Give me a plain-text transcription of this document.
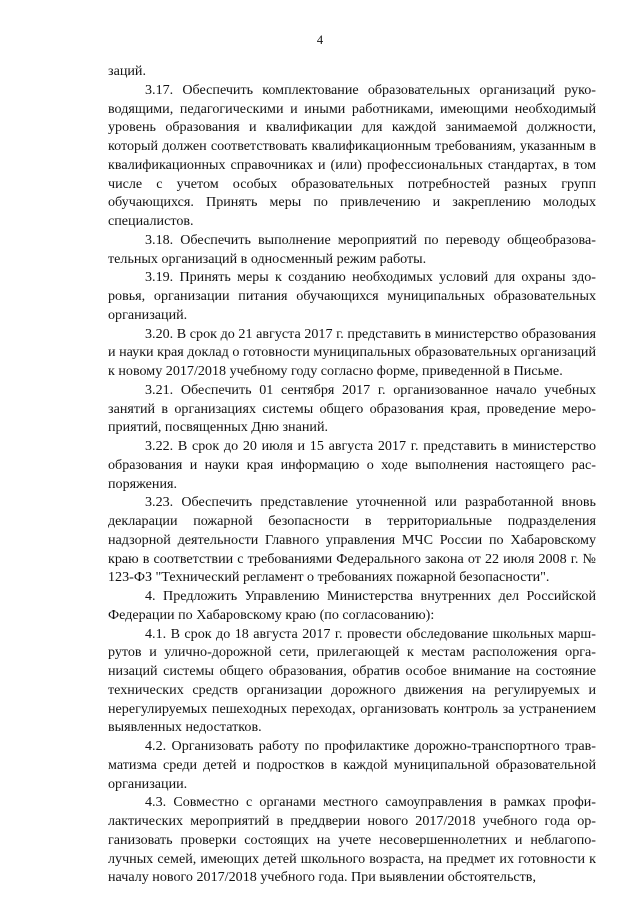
4

заций.

3.17. Обеспечить комплектование образовательных организаций руководящими, педагогическими и иными работниками, имеющими необходимый уровень образования и квалификации для каждой занимаемой должности, который должен соответствовать квалификационным требованиям, указанным в квалификационных справочниках и (или) профессиональных стандартах, в том числе с учетом особых образовательных потребностей разных групп обучающихся. Принять меры по привлечению и закреплению молодых специалистов.

3.18. Обеспечить выполнение мероприятий по переводу общеобразовательных организаций в односменный режим работы.

3.19. Принять меры к созданию необходимых условий для охраны здоровья, организации питания обучающихся муниципальных образовательных организаций.

3.20. В срок до 21 августа 2017 г. представить в министерство образования и науки края доклад о готовности муниципальных образовательных организаций к новому 2017/2018 учебному году согласно форме, приведенной в Письме.

3.21. Обеспечить 01 сентября 2017 г. организованное начало учебных занятий в организациях системы общего образования края, проведение мероприятий, посвященных Дню знаний.

3.22. В срок до 20 июля и 15 августа 2017 г. представить в министерство образования и науки края информацию о ходе выполнения настоящего распоряжения.

3.23. Обеспечить представление уточненной или разработанной вновь декларации пожарной безопасности в территориальные подразделения надзорной деятельности Главного управления МЧС России по Хабаровскому краю в соответствии с требованиями Федерального закона от 22 июля 2008 г. № 123-ФЗ "Технический регламент о требованиях пожарной безопасности".

4. Предложить Управлению Министерства внутренних дел Российской Федерации по Хабаровскому краю (по согласованию):

4.1. В срок до 18 августа 2017 г. провести обследование школьных маршрутов и улично-дорожной сети, прилегающей к местам расположения организаций системы общего образования, обратив особое внимание на состояние технических средств организации дорожного движения на регулируемых и нерегулируемых пешеходных переходах, организовать контроль за устранением выявленных недостатков.

4.2. Организовать работу по профилактике дорожно-транспортного травматизма среди детей и подростков в каждой муниципальной образовательной организации.

4.3. Совместно с органами местного самоуправления в рамках профилактических мероприятий в преддверии нового 2017/2018 учебного года организовать проверки состоящих на учете несовершеннолетних и неблагополучных семей, имеющих детей школьного возраста, на предмет их готовности к началу нового 2017/2018 учебного года. При выявлении обстоятельств,
